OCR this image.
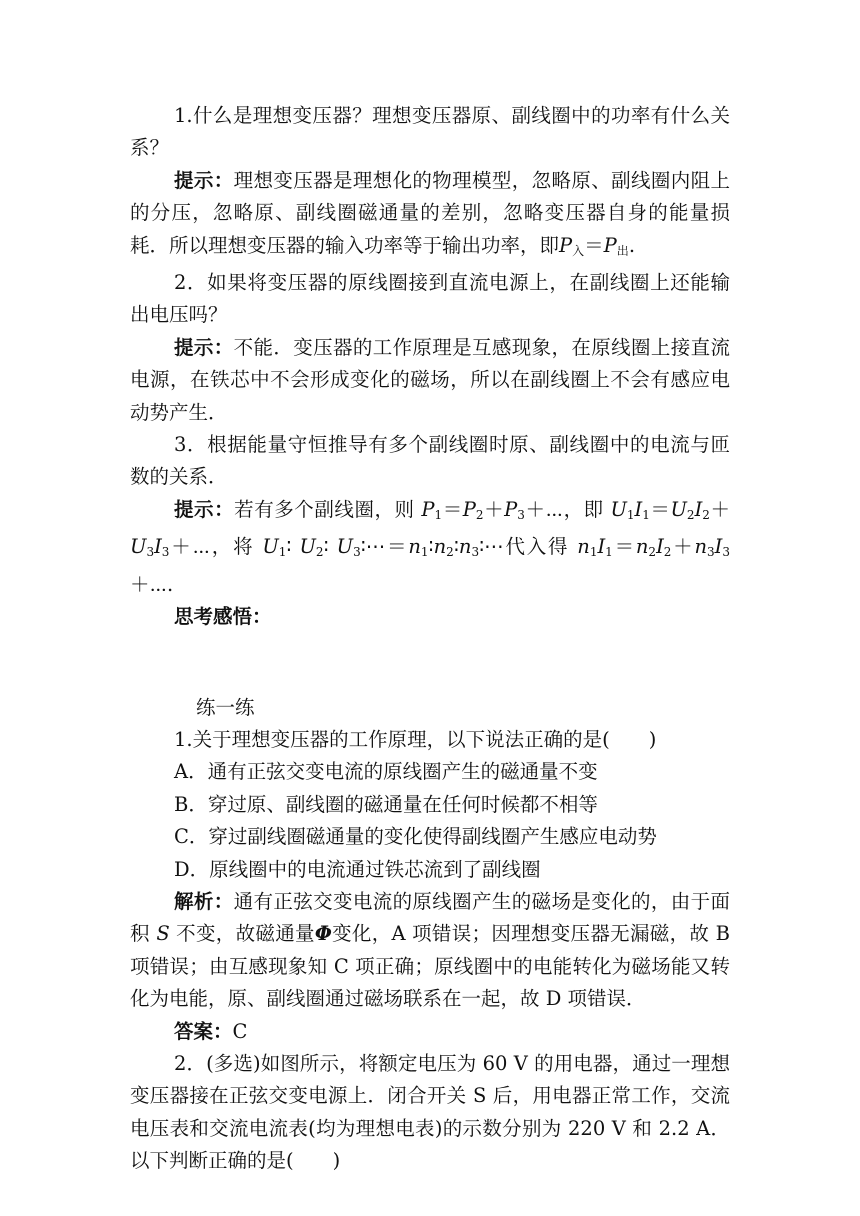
1.什么是理想变压器？理想变压器原、副线圈中的功率有什么关系？

提示：理想变压器是理想化的物理模型，忽略原、副线圈内阻上的分压，忽略原、副线圈磁通量的差别，忽略变压器自身的能量损耗．所以理想变压器的输入功率等于输出功率，即$P_入=P_出$.

2．如果将变压器的原线圈接到直流电源上，在副线圈上还能输出电压吗？

提示：不能．变压器的工作原理是互感现象，在原线圈上接直流电源，在铁芯中不会形成变化的磁场，所以在副线圈上不会有感应电动势产生．

3．根据能量守恒推导有多个副线圈时原、副线圈中的电流与匝数的关系．

提示：若有多个副线圈，则 $P_1=P_2+P_3+\cdots$，即 $U_1I_1=U_2I_2+U_3I_3+\cdots$，将 $U_1∶$ $U_2∶$ $U_3∶\cdots=n_1∶n_2∶n_3∶\cdots$代入得 $n_1I_1=n_2I_2+n_3I_3+\cdots$.

思考感悟：

练一练

1.关于理想变压器的工作原理，以下说法正确的是(　　)

A．通有正弦交变电流的原线圈产生的磁通量不变

B．穿过原、副线圈的磁通量在任何时候都不相等

C．穿过副线圈磁通量的变化使得副线圈产生感应电动势

D．原线圈中的电流通过铁芯流到了副线圈

解析：通有正弦交变电流的原线圈产生的磁场是变化的，由于面积 S 不变，故磁通量Φ变化，A 项错误；因理想变压器无漏磁，故 B 项错误；由互感现象知 C 项正确；原线圈中的电能转化为磁场能又转化为电能，原、副线圈通过磁场联系在一起，故 D 项错误．

答案：C

2．(多选)如图所示，将额定电压为 60 V 的用电器，通过一理想变压器接在正弦交变电源上．闭合开关 S 后，用电器正常工作，交流电压表和交流电流表(均为理想电表)的示数分别为 220 V 和 2.2 A．以下判断正确的是(　　)
